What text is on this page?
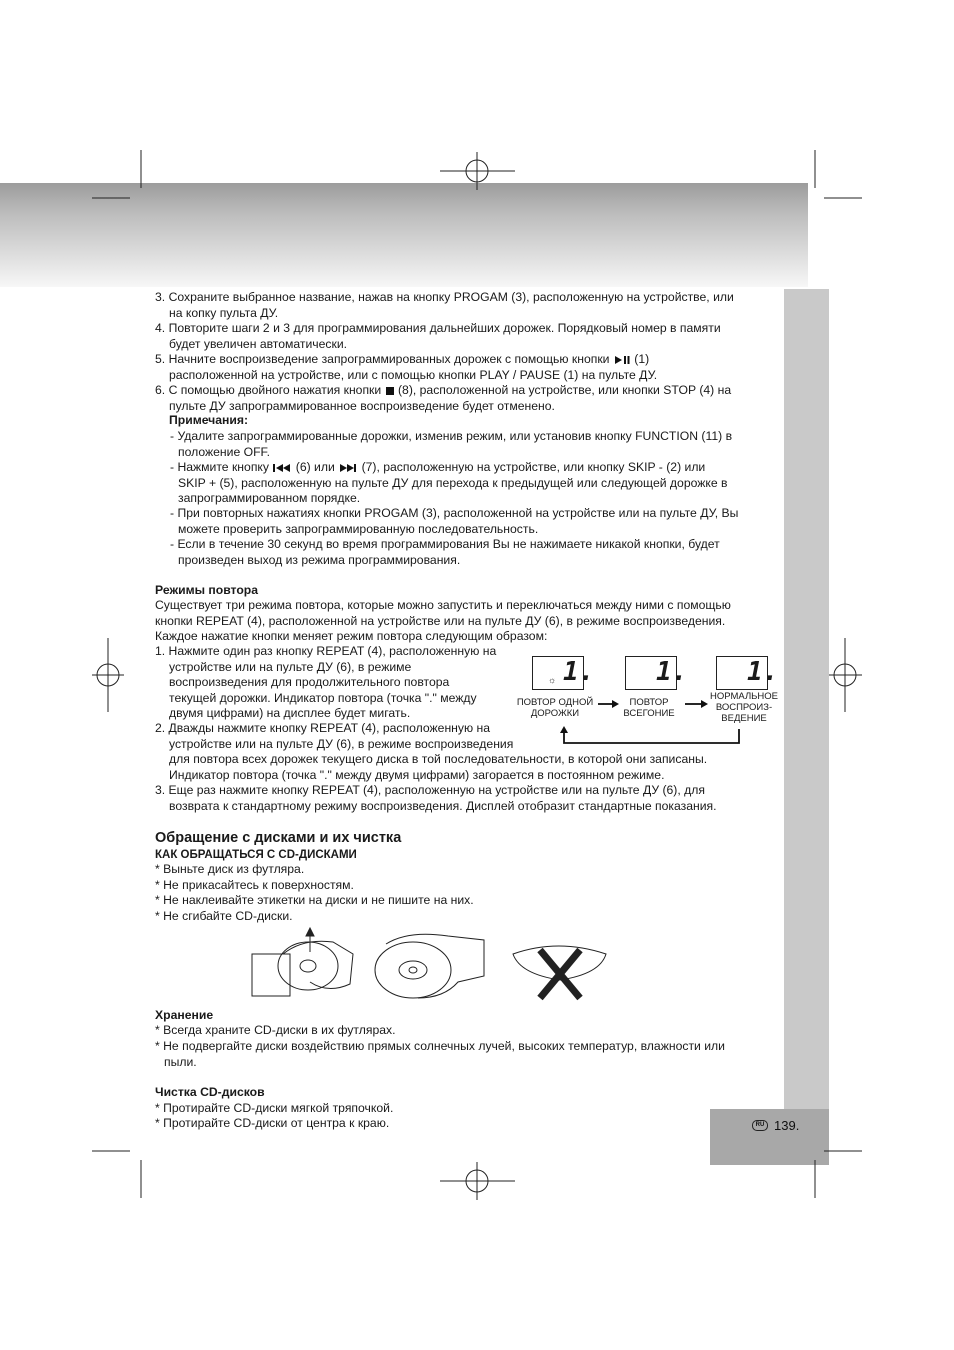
RU 139.
3. Сохраните выбранное название, нажав на кнопку PROGAM (3), расположенную на устройстве, или
на копку пульта ДУ.
4. Повторите шаги 2 и 3 для программирования дальнейших дорожек. Порядковый номер в памяти
будет увеличен автоматически.
5. Начните воспроизведение запрограммированных дорожек с помощью кнопки (1)
расположенной на устройстве, или с помощью кнопки PLAY / PAUSE (1) на пульте ДУ.
6. С помощью двойного нажатия кнопки (8), расположенной на устройстве, или кнопки STOP (4) на
пульте ДУ запрограммированное воспроизведение будет отменено.
Примечания:
- Удалите запрограммированные дорожки, изменив режим, или установив кнопку FUNCTION (11) в
положение OFF.
- Нажмите кнопку (6) или (7), расположенную на устройстве, или кнопку SKIP - (2) или
SKIP + (5), расположенную на пульте ДУ для перехода к предыдущей или следующей дорожке в
запрограммированном порядке.
- При повторных нажатиях кнопки PROGAM (3), расположенной на устройстве или на пульте ДУ, Вы
можете проверить запрограммированную последовательность.
- Если в течение 30 секунд во время программирования Вы не нажимаете никакой кнопки, будет
произведен выход из режима программирования.
Режимы повтора
Существует три режима повтора, которые можно запустить и переключаться между ними с помощью
кнопки REPEAT (4), расположенной на устройстве или на пульте ДУ (6), в режиме воспроизведения.
Каждое нажатие кнопки меняет режим повтора следующим образом:
1. Нажмите один раз кнопку REPEAT (4), расположенную на
устройстве или на пульте ДУ (6), в режиме
воспроизведения для продолжительного повтора
текущей дорожки. Индикатор повтора (точка "." между
двумя цифрами) на дисплее будет мигать.
2. Дважды нажмите кнопку REPEAT (4), расположенную на
устройстве или на пульте ДУ (6), в режиме воспроизведения
для повтора всех дорожек текущего диска в той последовательности, в которой они записаны.
Индикатор повтора (точка "." между двумя цифрами) загорается в постоянном режиме.
3. Еще раз нажмите кнопку REPEAT (4), расположенную на устройстве или на пульте ДУ (6), для
возврата к стандартному режиму воспроизведения. Дисплей отобразит стандартные показания.
☼ 1. 1. 1.
ПОВТОР ОДНОЙ
ДОРОЖКИ
ПОВТОР
ВСЕГОНИЕ
НОРМАЛЬНОЕ
ВОСПРОИЗ-
ВЕДЕНИЕ
Обращение с дисками и их чистка
КАК ОБРАЩАТЬСЯ С CD-ДИСКАМИ
* Выньте диск из футляра.
* Не прикасайтесь к поверхностям.
* Не наклеивайте этикетки на диски и не пишите на них.
* Не сгибайте CD-диски.
Хранение
* Всегда храните CD-диски в их футлярах.
* Не подвергайте диски воздействию прямых солнечных лучей, высоких температур, влажности или
пыли.
Чистка CD-дисков
* Протирайте CD-диски мягкой тряпочкой.
* Протирайте CD-диски от центра к краю.
